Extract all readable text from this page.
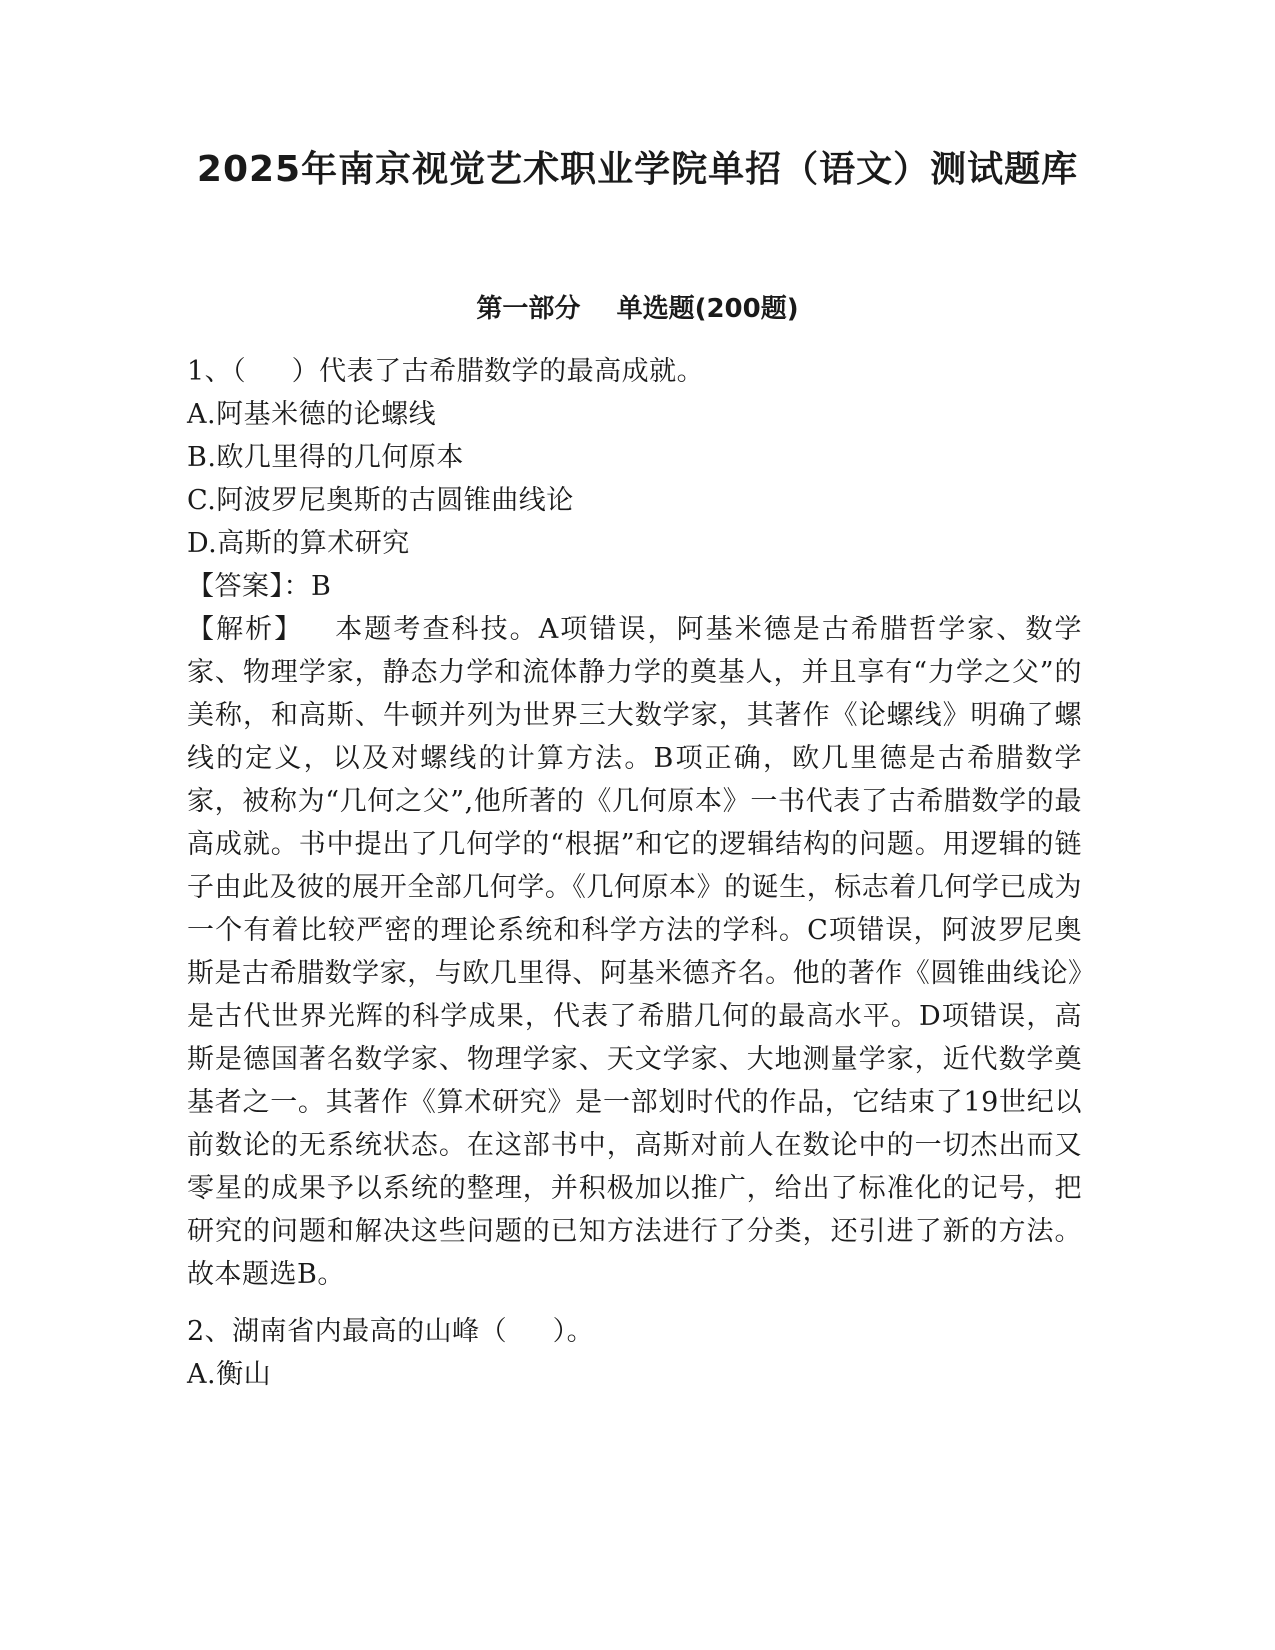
2025年南京视觉艺术职业学院单招（语文）测试题库
第一部分    单选题(200题)

1、（     ）代表了古希腊数学的最高成就。

A.阿基米德的论螺线

B.欧几里得的几何原本

C.阿波罗尼奥斯的古圆锥曲线论

D.高斯的算术研究

【答案】：B

【解析】   本题考查科技。A项错误，阿基米德是古希腊哲学家、数学家、物理学家，静态力学和流体静力学的奠基人，并且享有“力学之父”的美称，和高斯、牛顿并列为世界三大数学家，其著作《论螺线》明确了螺线的定义，以及对螺线的计算方法。B项正确，欧几里德是古希腊数学家，被称为“几何之父”,他所著的《几何原本》一书代表了古希腊数学的最高成就。书中提出了几何学的“根据”和它的逻辑结构的问题。用逻辑的链子由此及彼的展开全部几何学。《几何原本》的诞生，标志着几何学已成为一个有着比较严密的理论系统和科学方法的学科。C项错误，阿波罗尼奥斯是古希腊数学家，与欧几里得、阿基米德齐名。他的著作《圆锥曲线论》是古代世界光辉的科学成果，代表了希腊几何的最高水平。D项错误，高斯是德国著名数学家、物理学家、天文学家、大地测量学家，近代数学奠基者之一。其著作《算术研究》是一部划时代的作品，它结束了19世纪以前数论的无系统状态。在这部书中，高斯对前人在数论中的一切杰出而又零星的成果予以系统的整理，并积极加以推广，给出了标准化的记号，把研究的问题和解决这些问题的已知方法进行了分类，还引进了新的方法。故本题选B。

2、湖南省内最高的山峰（     ）。

A.衡山
